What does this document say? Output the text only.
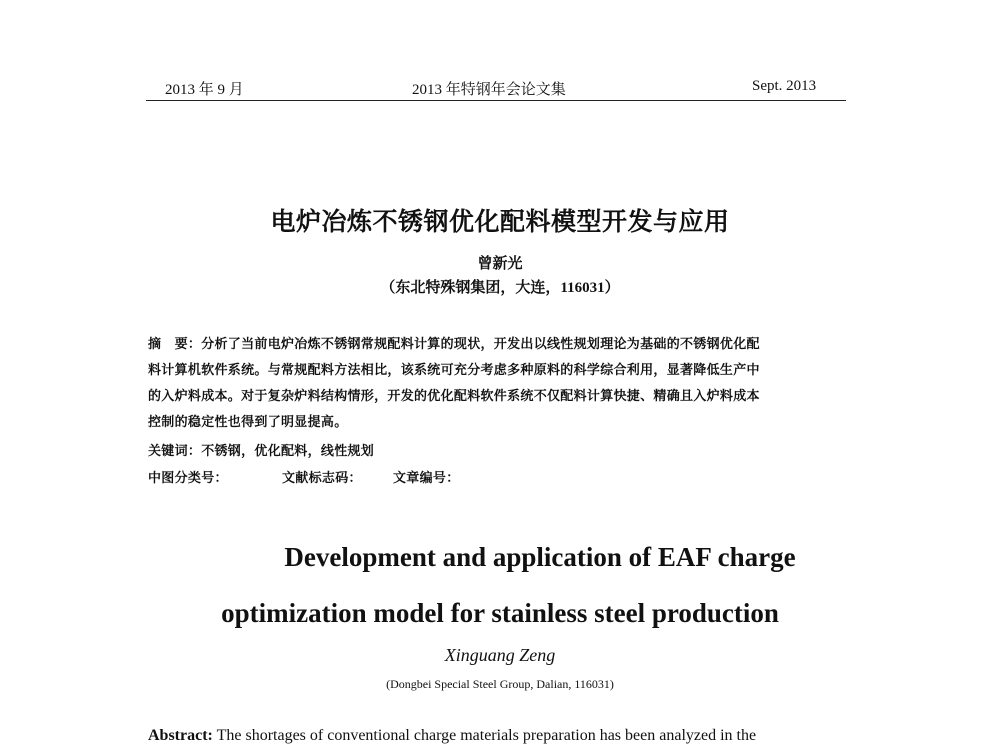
2013 年 9 月	2013 年特钢年会论文集	Sept. 2013
电炉冶炼不锈钢优化配料模型开发与应用
曾新光
（东北特殊钢集团，大连，116031）
摘　要：分析了当前电炉冶炼不锈钢常规配料计算的现状，开发出以线性规划理论为基础的不锈钢优化配
料计算机软件系统。与常规配料方法相比，该系统可充分考虑多种原料的科学综合利用，显著降低生产中
的入炉料成本。对于复杂炉料结构情形，开发的优化配料软件系统不仅配料计算快捷、精确且入炉料成本
控制的稳定性也得到了明显提高。
关键词：不锈钢，优化配料，线性规划
中图分类号：	文献标志码： 文章编号：
Development and application of EAF charge
optimization model for stainless steel production
Xinguang Zeng
(Dongbei Special Steel Group, Dalian, 116031)
Abstract: The shortages of conventional charge materials preparation has been analyzed in the
